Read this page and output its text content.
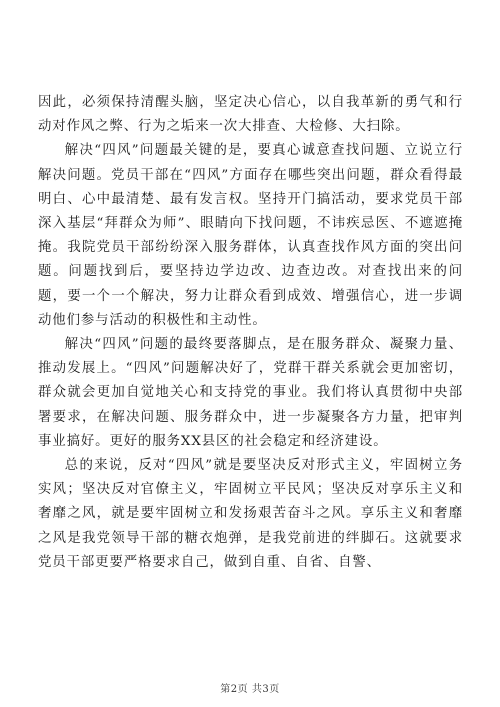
因此，必须保持清醒头脑，坚定决心信心，以自我革新的勇气和行动对作风之弊、行为之垢来一次大排查、大检修、大扫除。

解决“四风”问题最关键的是，要真心诚意查找问题、立说立行解决问题。党员干部在“四风”方面存在哪些突出问题，群众看得最明白、心中最清楚、最有发言权。坚持开门搞活动，要求党员干部深入基层“拜群众为师”、眼睛向下找问题，不讳疾忌医、不遮遮掩掩。我院党员干部纷纷深入服务群体，认真查找作风方面的突出问题。问题找到后，要坚持边学边改、边查边改。对查找出来的问题，要一个一个解决，努力让群众看到成效、增强信心，进一步调动他们参与活动的积极性和主动性。

解决“四风”问题的最终要落脚点，是在服务群众、凝聚力量、推动发展上。“四风”问题解决好了，党群干群关系就会更加密切，群众就会更加自觉地关心和支持党的事业。我们将认真贯彻中央部署要求，在解决问题、服务群众中，进一步凝聚各方力量，把审判事业搞好。更好的服务XX县区的社会稳定和经济建设。

总的来说，反对“四风”就是要坚决反对形式主义，牢固树立务实风；坚决反对官僚主义，牢固树立平民风；坚决反对享乐主义和奢靡之风，就是要牢固树立和发扬艰苦奋斗之风。享乐主义和奢靡之风是我党领导干部的糖衣炮弹，是我党前进的绊脚石。这就要求党员干部更要严格要求自己，做到自重、自省、自警、

第2页 共3页
